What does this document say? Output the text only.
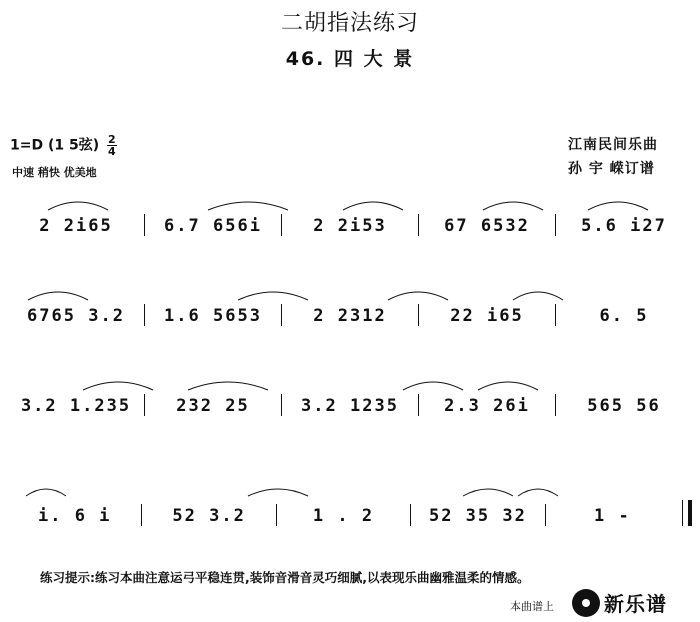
二胡指法练习
46. 四 大 景
1=D (1 5弦) $\frac{2}{4}$
中速 稍快 优美地
江南民间乐曲
孙 宇 嵘订谱
2 2i65	6.7 656i	2 2i53	67 6532	5.6 i27
6765 3.2	1.6 5653	2 2312	22 i65	6. 5
3.2 1.235	232 25	3.2 1235	2.3 26i	565 56
i. 6 i	52 3.2	1 . 2	52 35 32	1 -
练习提示:练习本曲注意运弓平稳连贯,装饰音滑音灵巧细腻,以表现乐曲幽雅温柔的情感。
本曲谱上	新乐谱
